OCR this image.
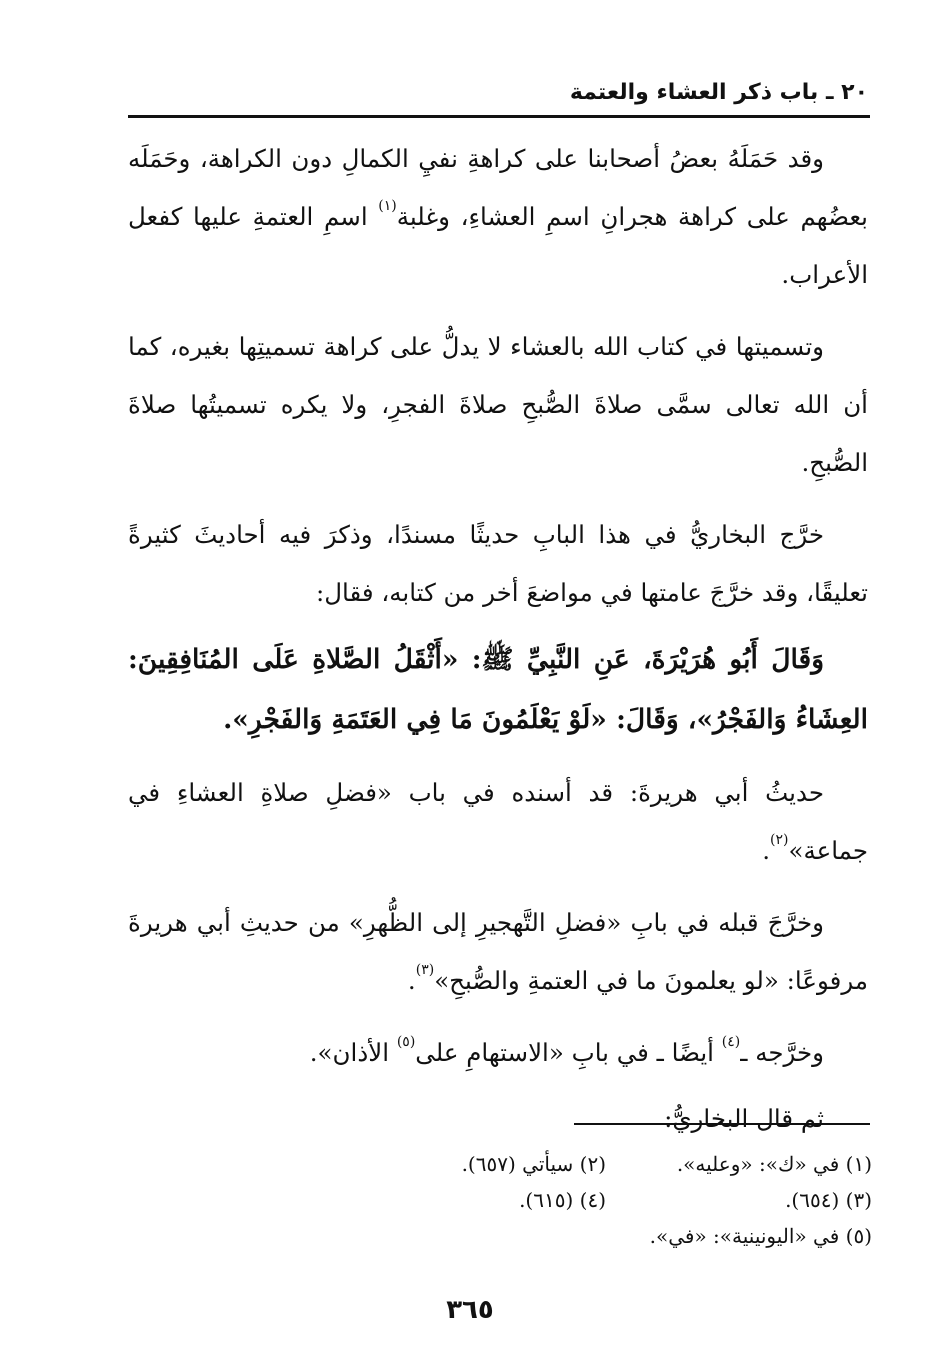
٢٠ ـ باب ذكر العشاء والعتمة

وقد حَمَلَهُ بعضُ أصحابنا على كراهةِ نفيِ الكمالِ دون الكراهة، وحَمَلَه بعضُهم على كراهة هجرانِ اسمِ العشاءِ، وغلبة$^{(١)}$ اسمِ العتمةِ عليها كفعل الأعراب.

وتسميتها في كتاب الله بالعشاء لا يدلُّ على كراهة تسميتِها بغيره، كما أن الله تعالى سمَّى صلاةَ الصُّبحِ صلاةَ الفجرِ، ولا يكره تسميتُها صلاةَ الصُّبحِ.

خرَّج البخاريُّ في هذا البابِ حديثًا مسندًا، وذكرَ فيه أحاديثَ كثيرةً تعليقًا، وقد خرَّجَ عامتها في مواضعَ أخر من كتابه، فقال:

وَقَالَ أَبُو هُرَيْرَةَ، عَنِ النَّبِيِّ ﷺ: «أَثْقَلُ الصَّلاةِ عَلَى المُنَافِقِينَ: العِشَاءُ وَالفَجْرُ»، وَقَالَ: «لَوْ يَعْلَمُونَ مَا فِي العَتَمَةِ وَالفَجْرِ».

حديثُ أبي هريرةَ: قد أسنده في باب «فضلِ صلاةِ العشاءِ في جماعة»$^{(٢)}$.

وخرَّجَ قبله في بابِ «فضلِ التَّهجيرِ إلى الظُّهرِ» من حديثِ أبي هريرةَ مرفوعًا: «لو يعلمونَ ما في العتمةِ والصُّبحِ»$^{(٣)}$.

وخرَّجه ـ$^{(٤)}$ أيضًا ـ في بابِ «الاستهامِ على$^{(٥)}$ الأذان».

ثم قال البخاريُّ:

(١) في «ك»: «وعليه».
(٢) سيأتي (٦٥٧).
(٣) (٦٥٤).
(٤) (٦١٥).
(٥) في «اليونينية»: «في».
٣٦٥
